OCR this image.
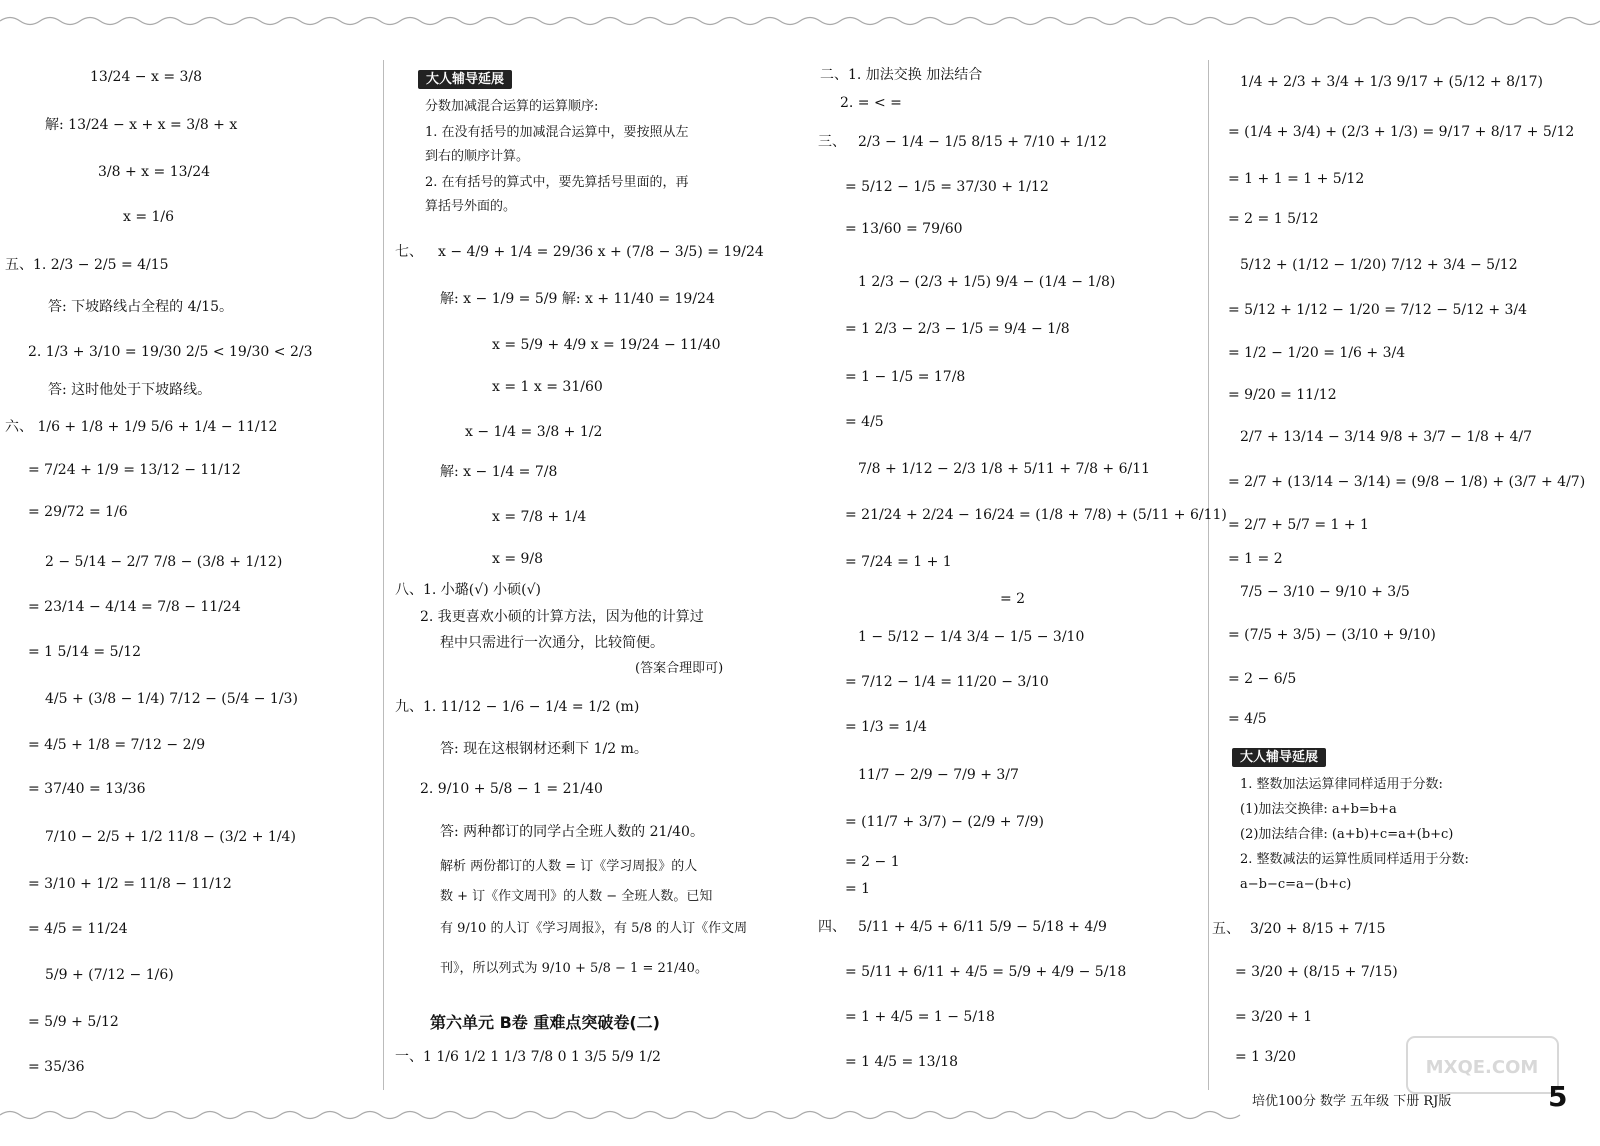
13/24 − x = 3/8
解: 13/24 − x + x = 3/8 + x
3/8 + x = 13/24
x = 1/6
五、1. 2/3 − 2/5 = 4/15
答: 下坡路线占全程的 4/15。
2. 1/3 + 3/10 = 19/30 2/5 < 19/30 < 2/3
答: 这时他处于下坡路线。
六、 1/6 + 1/8 + 1/9 5/6 + 1/4 − 11/12
= 7/24 + 1/9 = 13/12 − 11/12
= 29/72 = 1/6
2 − 5/14 − 2/7 7/8 − (3/8 + 1/12)
= 23/14 − 4/14 = 7/8 − 11/24
= 1 5/14 = 5/12
4/5 + (3/8 − 1/4) 7/12 − (5/4 − 1/3)
= 4/5 + 1/8 = 7/12 − 2/9
= 37/40 = 13/36
7/10 − 2/5 + 1/2 11/8 − (3/2 + 1/4)
= 3/10 + 1/2 = 11/8 − 11/12
= 4/5 = 11/24
5/9 + (7/12 − 1/6)
= 5/9 + 5/12
= 35/36
大人辅导延展
分数加减混合运算的运算顺序:
1. 在没有括号的加减混合运算中，要按照从左
到右的顺序计算。
2. 在有括号的算式中，要先算括号里面的，再
算括号外面的。
七、 x − 4/9 + 1/4 = 29/36 x + (7/8 − 3/5) = 19/24
解: x − 1/9 = 5/9 解: x + 11/40 = 19/24
x = 5/9 + 4/9 x = 19/24 − 11/40
x = 1 x = 31/60
x − 1/4 = 3/8 + 1/2
解: x − 1/4 = 7/8
x = 7/8 + 1/4
x = 9/8
八、1. 小璐(√) 小硕(√)
2. 我更喜欢小硕的计算方法，因为他的计算过
程中只需进行一次通分，比较简便。
(答案合理即可)
九、1. 11/12 − 1/6 − 1/4 = 1/2 (m)
答: 现在这根钢材还剩下 1/2 m。
2. 9/10 + 5/8 − 1 = 21/40
答: 两种都订的同学占全班人数的 21/40。
解析 两份都订的人数 = 订《学习周报》的人
数 + 订《作文周刊》的人数 − 全班人数。已知
有 9/10 的人订《学习周报》，有 5/8 的人订《作文周
刊》，所以列式为 9/10 + 5/8 − 1 = 21/40。
第六单元 B卷 重难点突破卷(二)
一、1 1/6 1/2 1 1/3 7/8 0 1 3/5 5/9 1/2
二、1. 加法交换 加法结合
2. = < =
三、 2/3 − 1/4 − 1/5 8/15 + 7/10 + 1/12
= 5/12 − 1/5 = 37/30 + 1/12
= 13/60 = 79/60
1 2/3 − (2/3 + 1/5) 9/4 − (1/4 − 1/8)
= 1 2/3 − 2/3 − 1/5 = 9/4 − 1/8
= 1 − 1/5 = 17/8
= 4/5
7/8 + 1/12 − 2/3 1/8 + 5/11 + 7/8 + 6/11
= 21/24 + 2/24 − 16/24 = (1/8 + 7/8) + (5/11 + 6/11)
= 7/24 = 1 + 1
= 2
1 − 5/12 − 1/4 3/4 − 1/5 − 3/10
= 7/12 − 1/4 = 11/20 − 3/10
= 1/3 = 1/4
11/7 − 2/9 − 7/9 + 3/7
= (11/7 + 3/7) − (2/9 + 7/9)
= 2 − 1
= 1
四、 5/11 + 4/5 + 6/11 5/9 − 5/18 + 4/9
= 5/11 + 6/11 + 4/5 = 5/9 + 4/9 − 5/18
= 1 + 4/5 = 1 − 5/18
= 1 4/5 = 13/18
1/4 + 2/3 + 3/4 + 1/3 9/17 + (5/12 + 8/17)
= (1/4 + 3/4) + (2/3 + 1/3) = 9/17 + 8/17 + 5/12
= 1 + 1 = 1 + 5/12
= 2 = 1 5/12
5/12 + (1/12 − 1/20) 7/12 + 3/4 − 5/12
= 5/12 + 1/12 − 1/20 = 7/12 − 5/12 + 3/4
= 1/2 − 1/20 = 1/6 + 3/4
= 9/20 = 11/12
2/7 + 13/14 − 3/14 9/8 + 3/7 − 1/8 + 4/7
= 2/7 + (13/14 − 3/14) = (9/8 − 1/8) + (3/7 + 4/7)
= 2/7 + 5/7 = 1 + 1
= 1 = 2
7/5 − 3/10 − 9/10 + 3/5
= (7/5 + 3/5) − (3/10 + 9/10)
= 2 − 6/5
= 4/5
大人辅导延展
1. 整数加法运算律同样适用于分数:
(1)加法交换律: a+b=b+a
(2)加法结合律: (a+b)+c=a+(b+c)
2. 整数减法的运算性质同样适用于分数:
a−b−c=a−(b+c)
五、 3/20 + 8/15 + 7/15
= 3/20 + (8/15 + 7/15)
= 3/20 + 1
= 1 3/20	MXQE.COM
培优100分 数学 五年级 下册 RJ版	5
